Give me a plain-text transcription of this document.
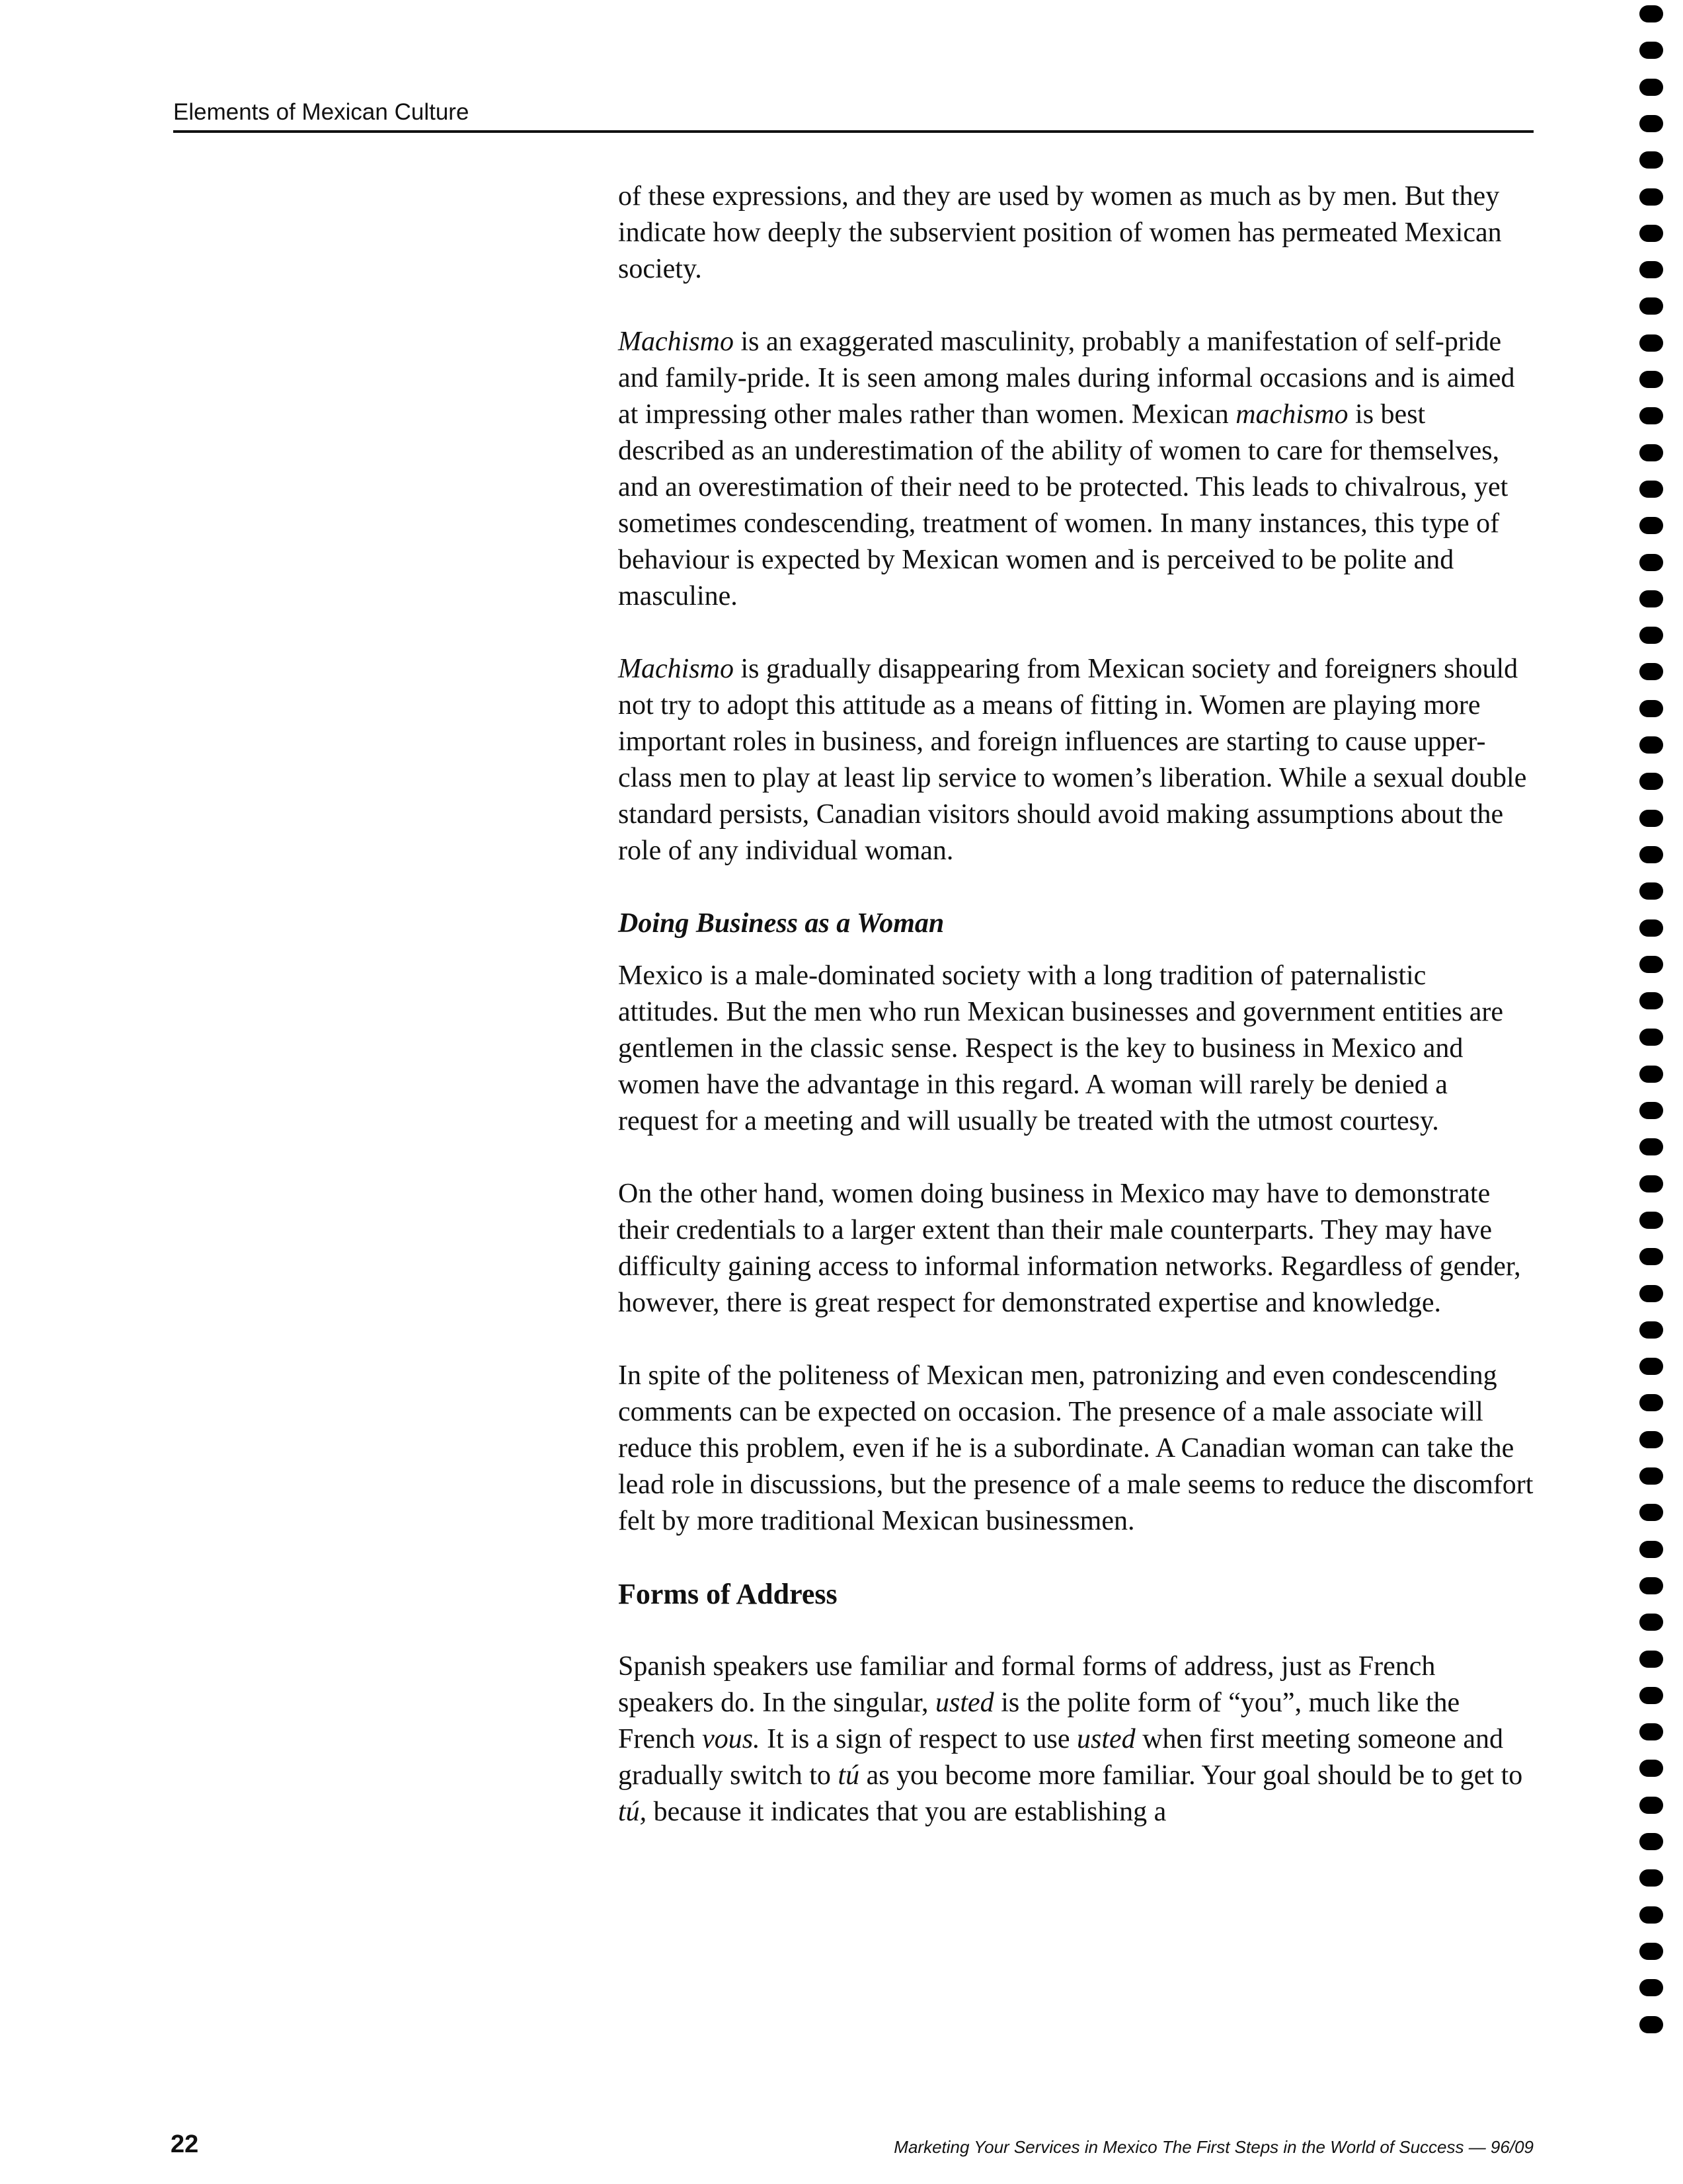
Elements of Mexican Culture

of these expressions, and they are used by women as much as by men. But they indicate how deeply the subservient position of women has permeated Mexican society.

Machismo is an exaggerated masculinity, probably a manifestation of self-pride and family-pride. It is seen among males during informal occasions and is aimed at impressing other males rather than women. Mexican machismo is best described as an underestimation of the ability of women to care for themselves, and an overestimation of their need to be protected. This leads to chivalrous, yet sometimes condescending, treatment of women. In many instances, this type of behaviour is expected by Mexican women and is perceived to be polite and masculine.

Machismo is gradually disappearing from Mexican society and foreigners should not try to adopt this attitude as a means of fitting in. Women are playing more important roles in business, and foreign influences are starting to cause upper-class men to play at least lip service to women’s liberation. While a sexual double standard persists, Canadian visitors should avoid making assumptions about the role of any individual woman.

Doing Business as a Woman

Mexico is a male-dominated society with a long tradition of paternalistic attitudes. But the men who run Mexican businesses and government entities are gentlemen in the classic sense. Respect is the key to business in Mexico and women have the advantage in this regard. A woman will rarely be denied a request for a meeting and will usually be treated with the utmost courtesy.

On the other hand, women doing business in Mexico may have to demonstrate their credentials to a larger extent than their male counterparts. They may have difficulty gaining access to informal information networks. Regardless of gender, however, there is great respect for demonstrated expertise and knowledge.

In spite of the politeness of Mexican men, patronizing and even condescending comments can be expected on occasion. The presence of a male associate will reduce this problem, even if he is a subordinate. A Canadian woman can take the lead role in discussions, but the presence of a male seems to reduce the discomfort felt by more traditional Mexican businessmen.

Forms of Address

Spanish speakers use familiar and formal forms of address, just as French speakers do. In the singular, usted is the polite form of “you”, much like the French vous. It is a sign of respect to use usted when first meeting someone and gradually switch to tú as you become more familiar. Your goal should be to get to tú, because it indicates that you are establishing a

22	Marketing Your Services in Mexico The First Steps in the World of Success — 96/09
